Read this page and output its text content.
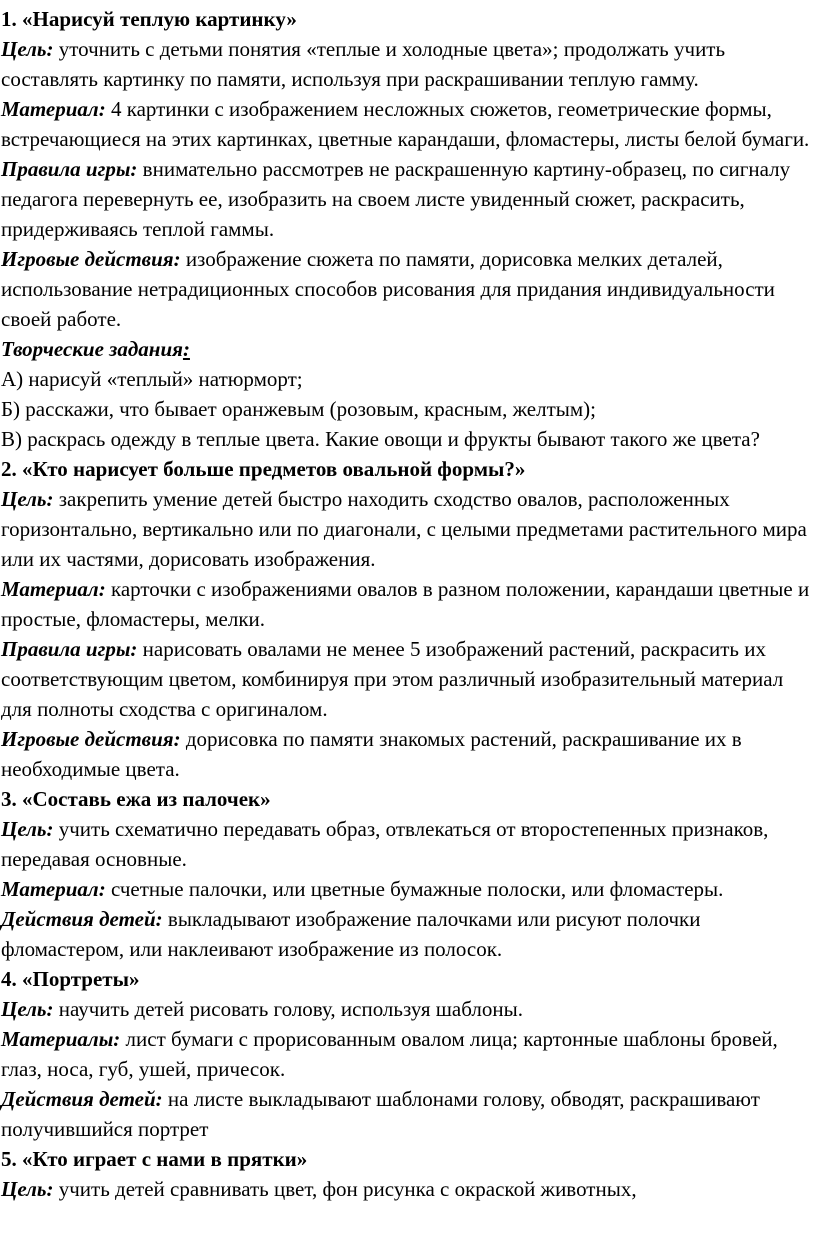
1. «Нарисуй теплую картинку»

Цель: уточнить с детьми понятия «теплые и холодные цвета»; продолжать учить составлять картинку по памяти, используя при раскрашивании теплую гамму.

Материал: 4 картинки с изображением несложных сюжетов, геометрические формы, встречающиеся на этих картинках, цветные карандаши, фломастеры, листы белой бумаги.

Правила игры: внимательно рассмотрев не раскрашенную картину-образец, по сигналу педагога перевернуть ее, изобразить на своем листе увиденный сюжет, раскрасить, придерживаясь теплой гаммы.

Игровые действия: изображение сюжета по памяти, дорисовка мелких деталей, использование нетрадиционных способов рисования для придания индивидуальности своей работе.

Творческие задания:

А) нарисуй «теплый» натюрморт;

Б) расскажи, что бывает оранжевым (розовым, красным, желтым);

В) раскрась одежду в теплые цвета. Какие овощи и фрукты бывают такого же цвета?

2. «Кто нарисует больше предметов овальной формы?»

Цель: закрепить умение детей быстро находить сходство овалов, расположенных горизонтально, вертикально или по диагонали, с целыми предметами растительного мира или их частями, дорисовать изображения.

Материал: карточки с изображениями овалов в разном положении, карандаши цветные и простые, фломастеры, мелки.

Правила игры: нарисовать овалами не менее 5 изображений растений, раскрасить их соответствующим цветом, комбинируя при этом различный изобразительный материал для полноты сходства с оригиналом.

Игровые действия: дорисовка по памяти знакомых растений, раскрашивание их в необходимые цвета.

3. «Составь ежа из палочек»

Цель: учить схематично передавать образ, отвлекаться от второстепенных признаков, передавая основные.

Материал: счетные палочки, или цветные бумажные полоски, или фломастеры.

Действия детей: выкладывают изображение палочками или рисуют полочки фломастером, или наклеивают изображение из полосок.

4. «Портреты»

Цель: научить детей рисовать голову, используя шаблоны.

Материалы: лист бумаги с прорисованным овалом лица; картонные шаблоны бровей, глаз, носа, губ, ушей, причесок.

Действия детей: на листе выкладывают шаблонами голову, обводят, раскрашивают получившийся портрет

5. «Кто играет с нами в прятки»

Цель: учить детей сравнивать цвет, фон рисунка с окраской животных,
